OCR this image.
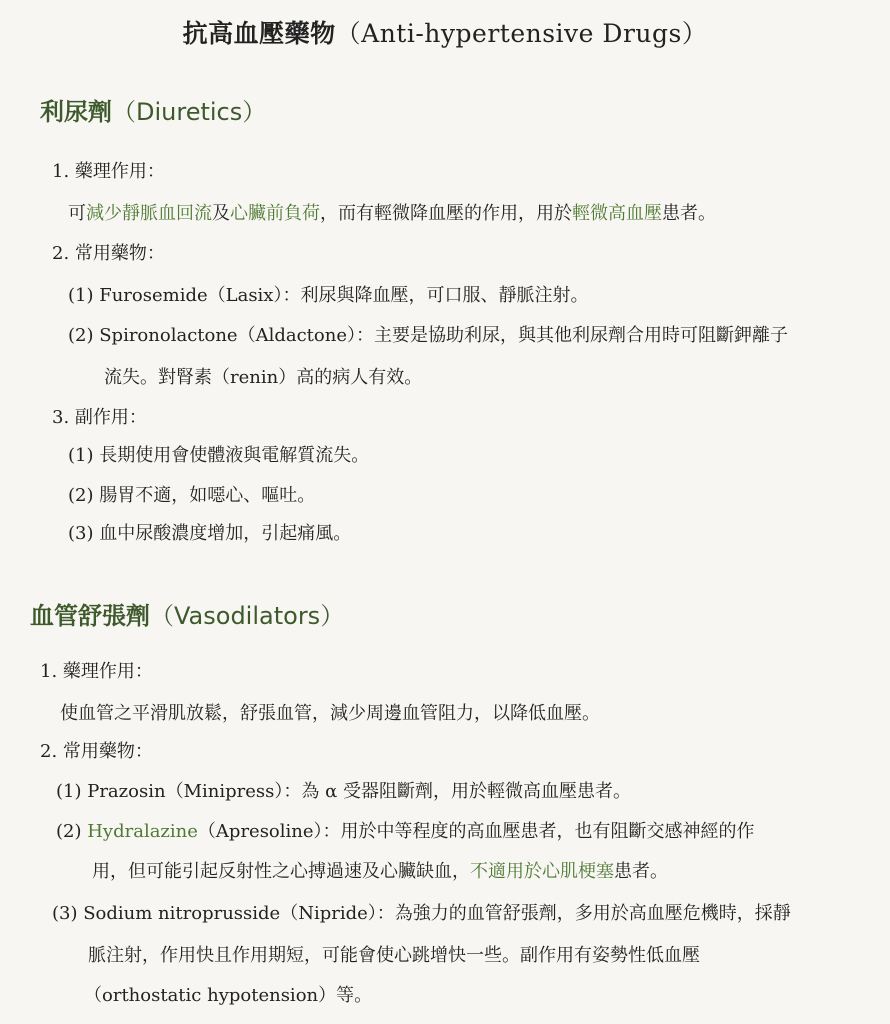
抗高血壓藥物（Anti-hypertensive Drugs）
利尿劑（Diuretics）
1. 藥理作用：
可減少靜脈血回流及心臟前負荷，而有輕微降血壓的作用，用於輕微高血壓患者。
2. 常用藥物：
(1) Furosemide（Lasix）：利尿與降血壓，可口服、靜脈注射。
(2) Spironolactone（Aldactone）：主要是協助利尿，與其他利尿劑合用時可阻斷鉀離子
流失。對腎素（renin）高的病人有效。
3. 副作用：
(1) 長期使用會使體液與電解質流失。
(2) 腸胃不適，如噁心、嘔吐。
(3) 血中尿酸濃度增加，引起痛風。
血管舒張劑（Vasodilators）
1. 藥理作用：
使血管之平滑肌放鬆，舒張血管，減少周邊血管阻力，以降低血壓。
2. 常用藥物：
(1) Prazosin（Minipress）：為 α 受器阻斷劑，用於輕微高血壓患者。
(2) Hydralazine（Apresoline）：用於中等程度的高血壓患者，也有阻斷交感神經的作
用，但可能引起反射性之心搏過速及心臟缺血，不適用於心肌梗塞患者。
(3) Sodium nitroprusside（Nipride）：為強力的血管舒張劑，多用於高血壓危機時，採靜
脈注射，作用快且作用期短，可能會使心跳增快一些。副作用有姿勢性低血壓
（orthostatic hypotension）等。
